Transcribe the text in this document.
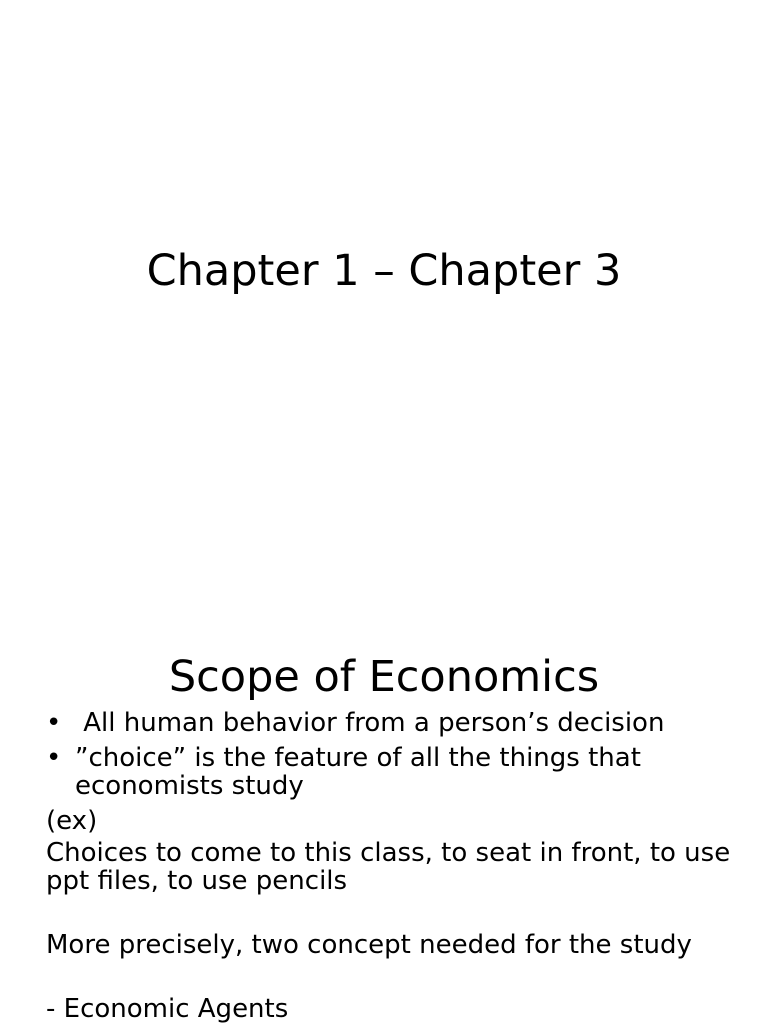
Chapter 1 – Chapter 3
Scope of Economics
• All human behavior from a person’s decision
• ”choice” is the feature of all the things that economists study

(ex)

Choices to come to this class, to seat in front, to use ppt files, to use pencils

More precisely, two concept needed for the study

- Economic Agents
